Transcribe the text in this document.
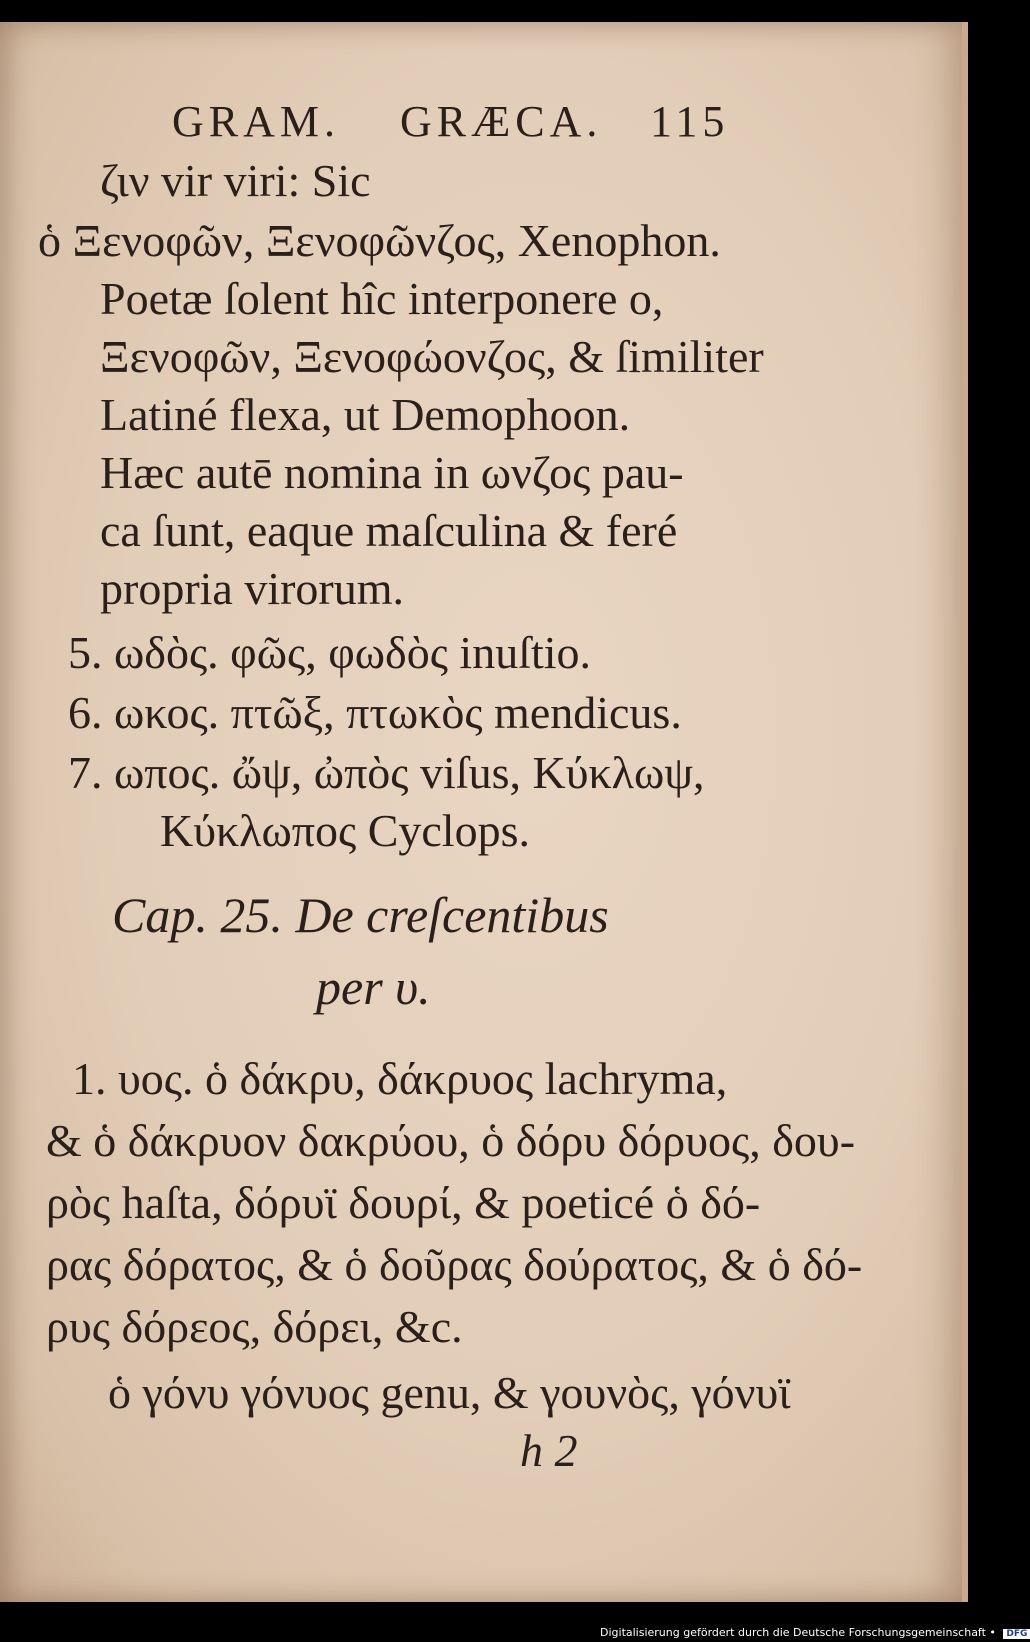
GRAM. GRÆCA. 115
ζιν vir viri: Sic
ὁ Ξενοφῶν, Ξενοφῶνζος, Xenophon.
Poetæ ſolent hîc interponere o,
Ξενοφῶν, Ξενοφώονζος, & ſimiliter
Latiné flexa, ut Demophoon.
Hæc autē nomina in ωνζος pau-
ca ſunt, eaque maſculina & feré
propria virorum.
5. ωδὸς. φῶς, φωδὸς inuſtio.
6. ωκος. πτῶξ, πτωκὸς mendicus.
7. ωπος. ὤψ, ὠπὸς viſus, Κύκλωψ,
Κύκλωπος Cyclops.
Cap. 25. De creſcentibus
per υ.
1. υος. ὁ δάκρυ, δάκρυος lachryma,
& ὁ δάκρυον δακρύου, ὁ δόρυ δόρυος, δου-
ρὸς haſta, δόρυϊ δουρί, & poeticé ὁ δό-
ρας δόρατος, & ὁ δοῦρας δούρατος, & ὁ δό-
ρυς δόρεος, δόρει, &c.
ὁ γόνυ γόνυος genu, & γουνὸς, γόνυϊ
h 2
Digitalisierung gefördert durch die Deutsche Forschungsgemeinschaft • DFG
